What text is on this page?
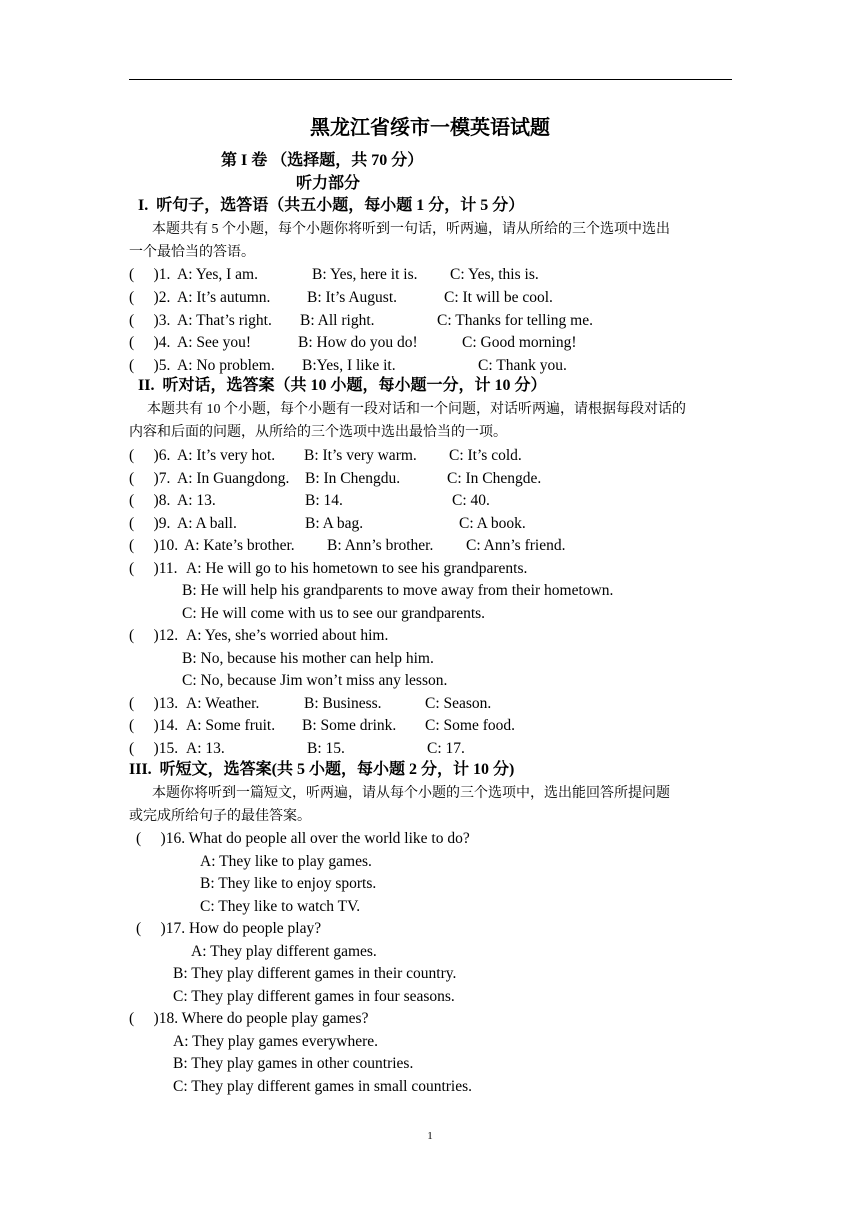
黑龙江省绥市一模英语试题
第 I 卷 （选择题，共 70 分）
听力部分
I.  听句子，选答语（共五小题，每小题 1 分，计 5 分）
本题共有 5 个小题，每个小题你将听到一句话，听两遍，请从所给的三个选项中选出
一个最恰当的答语。
(     )1. A: Yes, I am.	B: Yes, here it is. C: Yes, this is.
(     )2. A: It’s autumn. B: It’s August.	C: It will be cool.
(     )3. A: That’s right. B: All right.	C: Thanks for telling me.
(     )4. A: See you!	B: How do you do!	C: Good morning!
(     )5. A: No problem. B:Yes, I like it.	C: Thank you.
II.  听对话，选答案（共 10 小题，每小题一分，计 10 分）
本题共有 10 个小题，每个小题有一段对话和一个问题，对话听两遍，请根据每段对话的
内容和后面的问题，从所给的三个选项中选出最恰当的一项。
(     )6. A: It’s very hot. B: It’s very warm. C: It’s cold.
(     )7. A: In Guangdong. B: In Chengdu.	C: In Chengde.
(     )8. A: 13.	B: 14.	C: 40.
(     )9. A: A ball.	B: A bag.	C: A book.
(     )10. A: Kate’s brother. B: Ann’s brother. C: Ann’s friend.
(     )11. A: He will go to his hometown to see his grandparents.
B: He will help his grandparents to move away from their hometown.
C: He will come with us to see our grandparents.
(     )12. A: Yes, she’s worried about him.
B: No, because his mother can help him.
C: No, because Jim won’t miss any lesson.
(     )13. A: Weather.	B: Business.	C: Season.
(     )14. A: Some fruit. B: Some drink. C: Some food.
(     )15. A: 13.	B: 15.	C: 17.
III.  听短文，选答案(共 5 小题，每小题 2 分，计 10 分)
本题你将听到一篇短文，听两遍，请从每个小题的三个选项中，选出能回答所提问题
或完成所给句子的最佳答案。
(     )16. What do people all over the world like to do?
A: They like to play games.
B: They like to enjoy sports.
C: They like to watch TV.
(     )17. How do people play?
A: They play different games.
B: They play different games in their country.
C: They play different games in four seasons.
(     )18. Where do people play games?
A: They play games everywhere.
B: They play games in other countries.
C: They play different games in small countries.
1
